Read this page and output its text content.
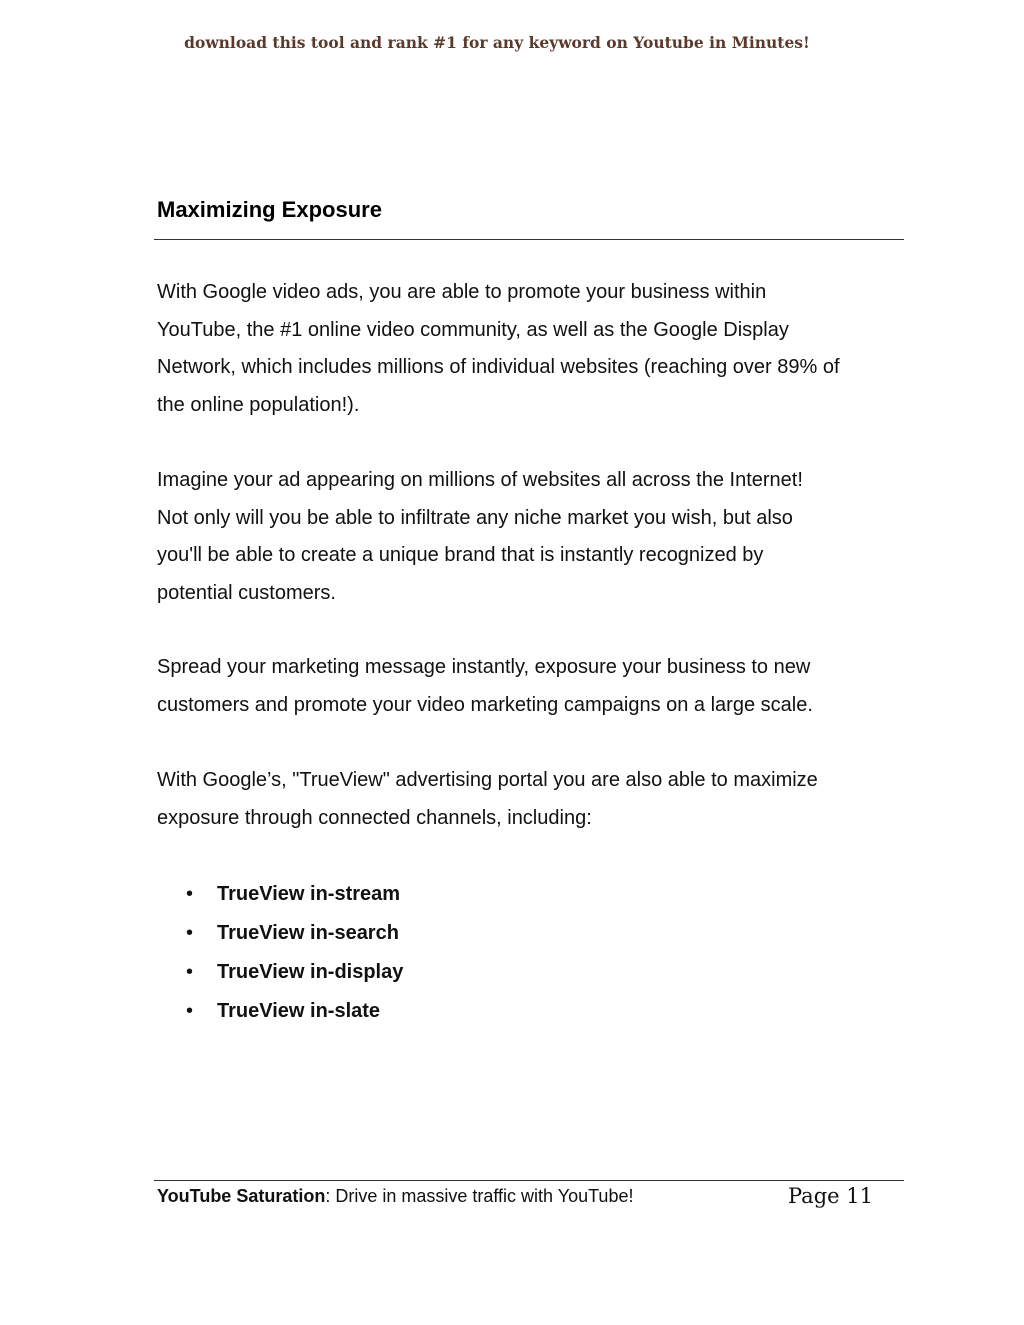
download this tool and rank #1 for any keyword on Youtube in Minutes!
Maximizing Exposure

With Google video ads, you are able to promote your business within
YouTube, the #1 online video community, as well as the Google Display
Network, which includes millions of individual websites (reaching over 89% of
the online population!).

Imagine your ad appearing on millions of websites all across the Internet!
Not only will you be able to infiltrate any niche market you wish, but also
you'll be able to create a unique brand that is instantly recognized by
potential customers.

Spread your marketing message instantly, exposure your business to new
customers and promote your video marketing campaigns on a large scale.

With Google’s, "TrueView" advertising portal you are also able to maximize
exposure through connected channels, including:

• TrueView in-stream
• TrueView in-search
• TrueView in-display
• TrueView in-slate
YouTube Saturation: Drive in massive traffic with YouTube!	Page 11
